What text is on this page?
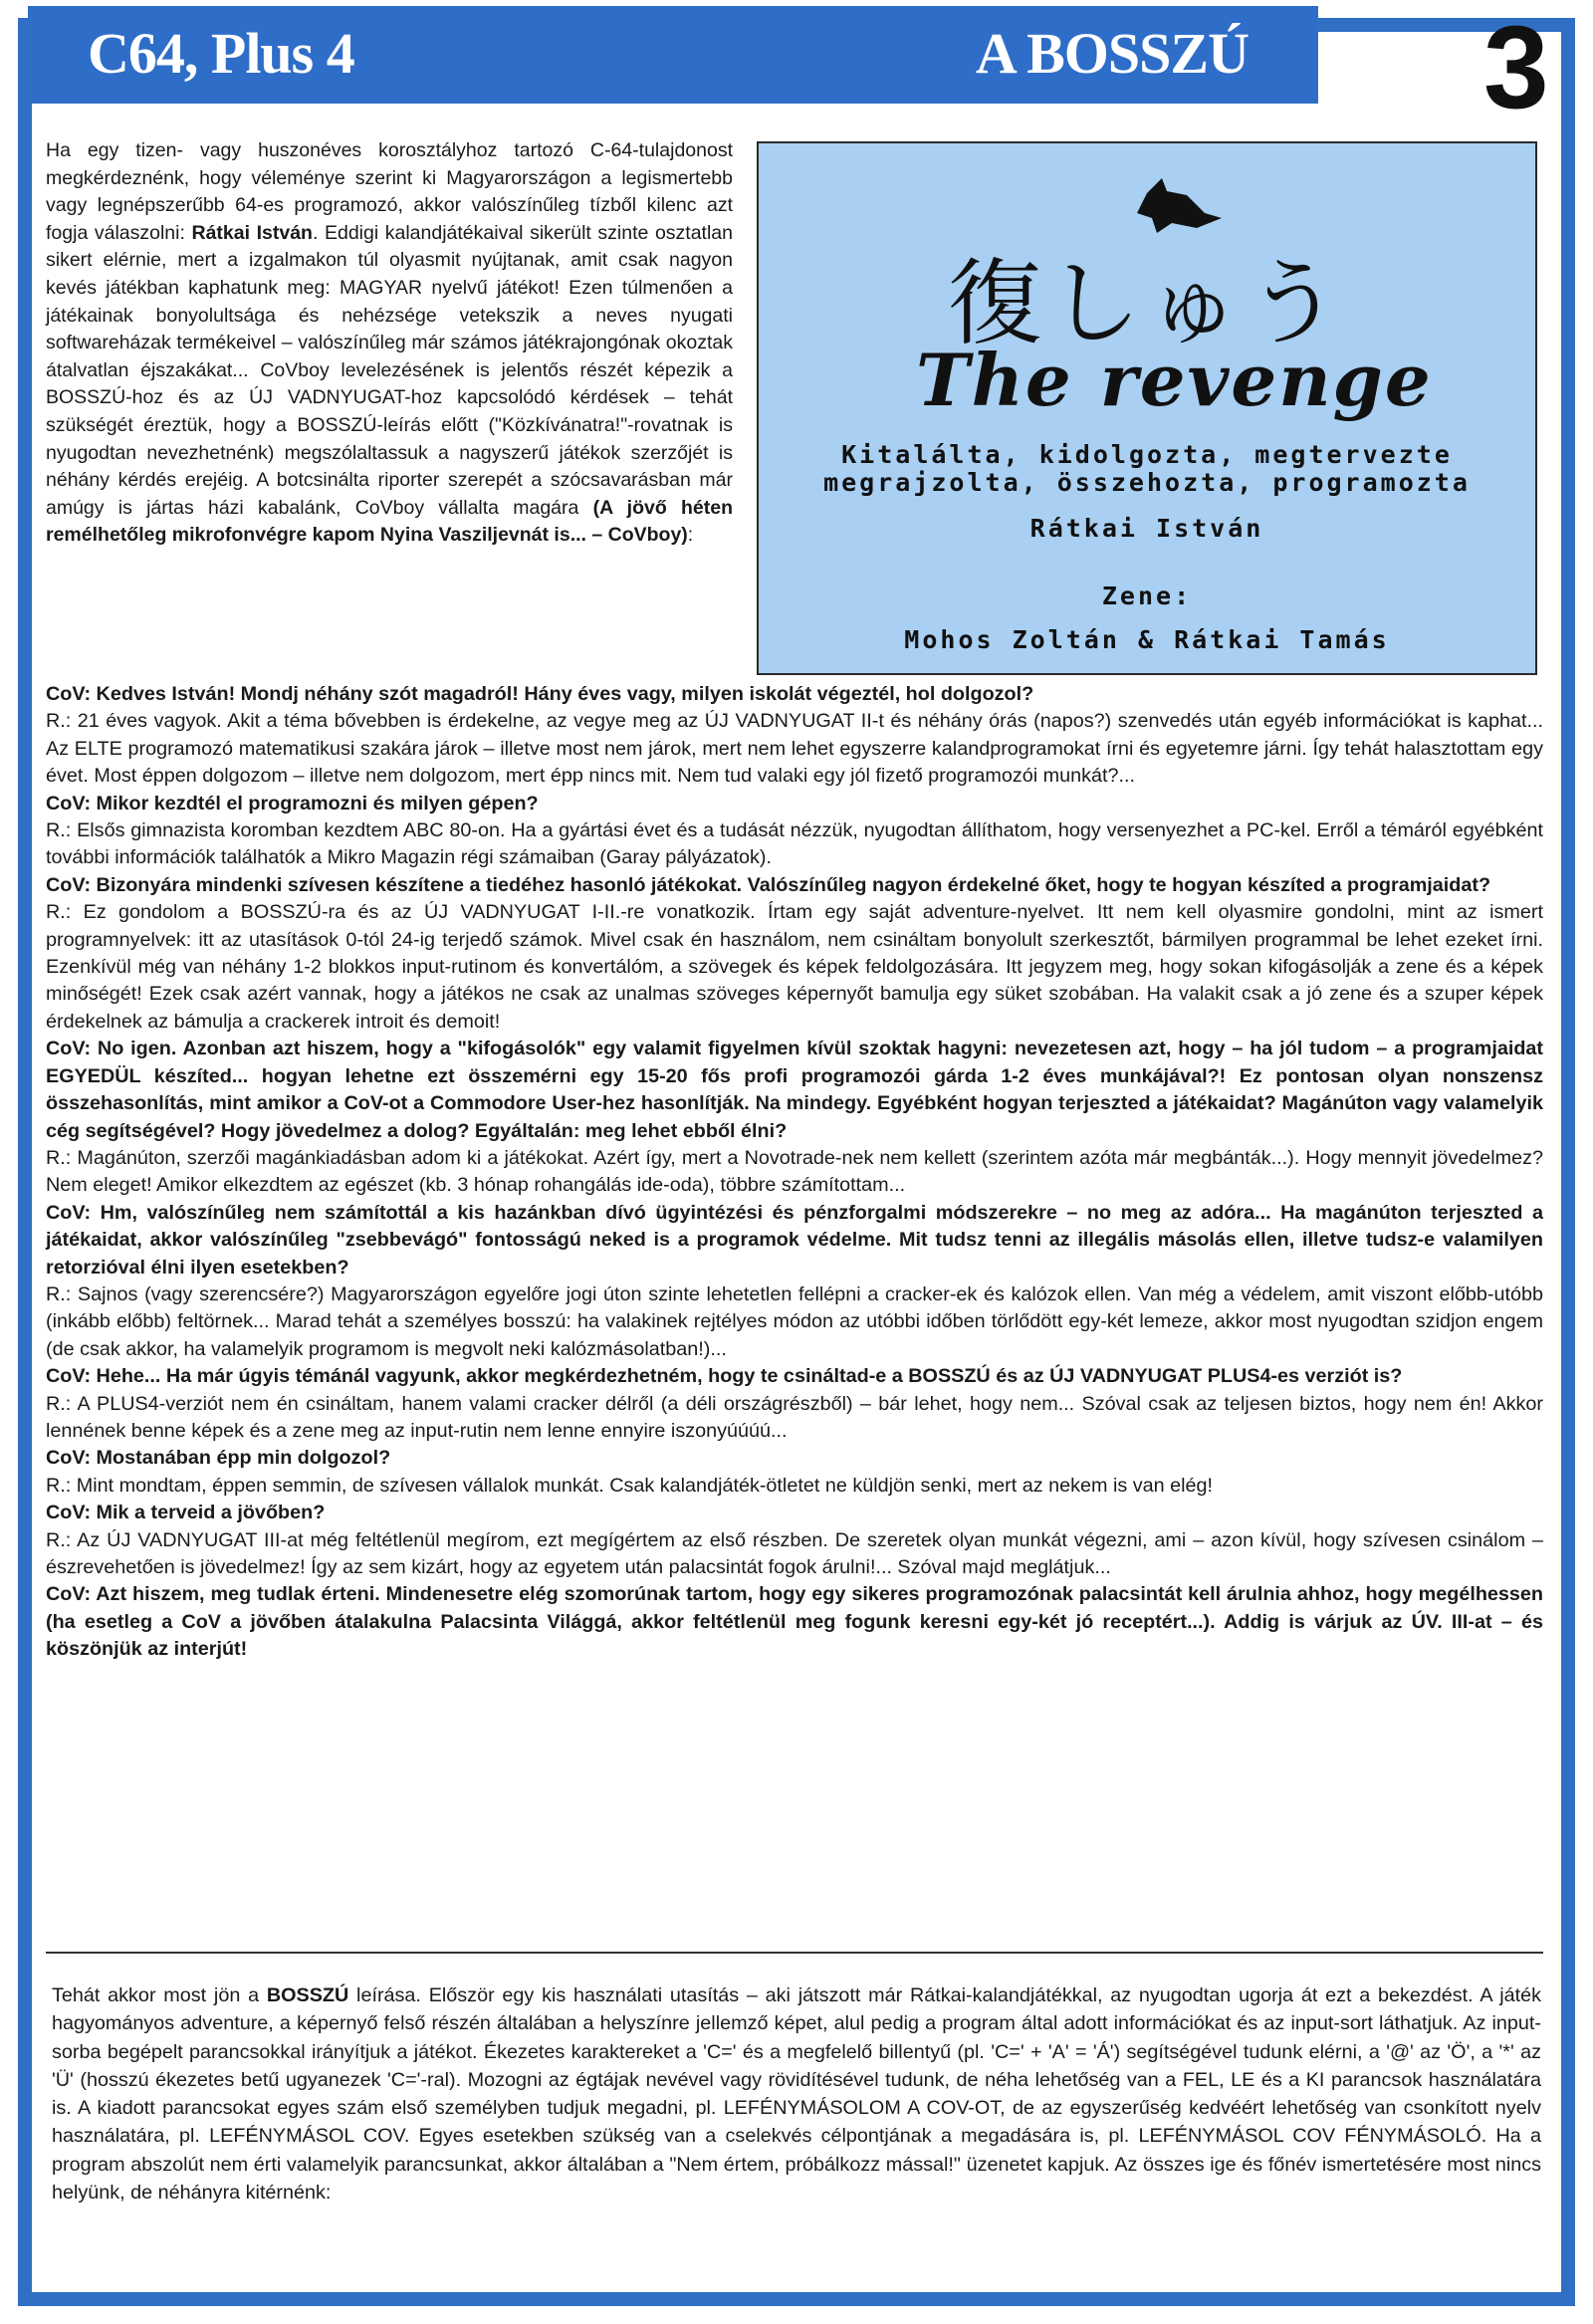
C64, Plus 4	A BOSSZÚ 3
Ha egy tizen- vagy huszonéves korosztályhoz tartozó C-64-tulajdonost megkérdeznénk, hogy véleménye szerint ki Magyarországon a legismertebb vagy legnépszerűbb 64-es programozó, akkor valószínűleg tízből kilenc azt fogja válaszolni: Rátkai István. Eddigi kalandjátékaival sikerült szinte osztatlan sikert elérnie, mert a izgalmakon túl olyasmit nyújtanak, amit csak nagyon kevés játékban kaphatunk meg: MAGYAR nyelvű játékot! Ezen túlmenően a játékainak bonyolultsága és nehézsége vetekszik a neves nyugati softwareházak termékeivel – valószínűleg már számos játékrajongónak okoztak átalvatlan éjszakákat... CoVboy levelezésének is jelentős részét képezik a BOSSZÚ-hoz és az ÚJ VADNYUGAT-hoz kapcsolódó kérdések – tehát szükségét éreztük, hogy a BOSSZÚ-leírás előtt ("Közkívánatra!"-rovatnak is nyugodtan nevezhetnénk) megszólaltassuk a nagyszerű játékok szerzőjét is néhány kérdés erejéig. A botcsinálta riporter szerepét a szócsavarásban már amúgy is jártas házi kabalánk, CoVboy vállalta magára (A jövő héten remélhetőleg mikrofonvégre kapom Nyina Vasziljevnát is... – CoVboy):
復しゅう
The revenge
Kitalálta, kidolgozta, megtervezte
megrajzolta, összehozta, programozta
Rátkai István
Zene:
Mohos Zoltán & Rátkai Tamás

CoV: Kedves István! Mondj néhány szót magadról! Hány éves vagy, milyen iskolát végeztél, hol dolgozol?

R.: 21 éves vagyok. Akit a téma bővebben is érdekelne, az vegye meg az ÚJ VADNYUGAT II-t és néhány órás (napos?) szenvedés után egyéb információkat is kaphat... Az ELTE programozó matematikusi szakára járok – illetve most nem járok, mert nem lehet egyszerre kalandprogramokat írni és egyetemre járni. Így tehát halasztottam egy évet. Most éppen dolgozom – illetve nem dolgozom, mert épp nincs mit. Nem tud valaki egy jól fizető programozói munkát?...

CoV: Mikor kezdtél el programozni és milyen gépen?

R.: Elsős gimnazista koromban kezdtem ABC 80-on. Ha a gyártási évet és a tudását nézzük, nyugodtan állíthatom, hogy versenyezhet a PC-kel. Erről a témáról egyébként további információk találhatók a Mikro Magazin régi számaiban (Garay pályázatok).

CoV: Bizonyára mindenki szívesen készítene a tiedéhez hasonló játékokat. Valószínűleg nagyon érdekelné őket, hogy te hogyan készíted a programjaidat?

R.: Ez gondolom a BOSSZÚ-ra és az ÚJ VADNYUGAT I-II.-re vonatkozik. Írtam egy saját adventure-nyelvet. Itt nem kell olyasmire gondolni, mint az ismert programnyelvek: itt az utasítások 0-tól 24-ig terjedő számok. Mivel csak én használom, nem csináltam bonyolult szerkesztőt, bármilyen programmal be lehet ezeket írni. Ezenkívül még van néhány 1-2 blokkos input-rutinom és konvertálóm, a szövegek és képek feldolgozására. Itt jegyzem meg, hogy sokan kifogásolják a zene és a képek minőségét! Ezek csak azért vannak, hogy a játékos ne csak az unalmas szöveges képernyőt bamulja egy süket szobában. Ha valakit csak a jó zene és a szuper képek érdekelnek az bámulja a crackerek introit és demoit!

CoV: No igen. Azonban azt hiszem, hogy a "kifogásolók" egy valamit figyelmen kívül szoktak hagyni: nevezetesen azt, hogy – ha jól tudom – a programjaidat EGYEDÜL készíted... hogyan lehetne ezt összemérni egy 15-20 fős profi programozói gárda 1-2 éves munkájával?! Ez pontosan olyan nonszensz összehasonlítás, mint amikor a CoV-ot a Commodore User-hez hasonlítják. Na mindegy. Egyébként hogyan terjeszted a játékaidat? Magánúton vagy valamelyik cég segítségével? Hogy jövedelmez a dolog? Egyáltalán: meg lehet ebből élni?

R.: Magánúton, szerzői magánkiadásban adom ki a játékokat. Azért így, mert a Novotrade-nek nem kellett (szerintem azóta már megbánták...). Hogy mennyit jövedelmez? Nem eleget! Amikor elkezdtem az egészet (kb. 3 hónap rohangálás ide-oda), többre számítottam...

CoV: Hm, valószínűleg nem számítottál a kis hazánkban dívó ügyintézési és pénzforgalmi módszerekre – no meg az adóra... Ha magánúton terjeszted a játékaidat, akkor valószínűleg "zsebbevágó" fontosságú neked is a programok védelme. Mit tudsz tenni az illegális másolás ellen, illetve tudsz-e valamilyen retorzióval élni ilyen esetekben?

R.: Sajnos (vagy szerencsére?) Magyarországon egyelőre jogi úton szinte lehetetlen fellépni a cracker-ek és kalózok ellen. Van még a védelem, amit viszont előbb-utóbb (inkább előbb) feltörnek... Marad tehát a személyes bosszú: ha valakinek rejtélyes módon az utóbbi időben törlődött egy-két lemeze, akkor most nyugodtan szidjon engem (de csak akkor, ha valamelyik programom is megvolt neki kalózmásolatban!)...

CoV: Hehe... Ha már úgyis témánál vagyunk, akkor megkérdezhetném, hogy te csináltad-e a BOSSZÚ és az ÚJ VADNYUGAT PLUS4-es verziót is?

R.: A PLUS4-verziót nem én csináltam, hanem valami cracker délről (a déli országrészből) – bár lehet, hogy nem... Szóval csak az teljesen biztos, hogy nem én! Akkor lennének benne képek és a zene meg az input-rutin nem lenne ennyire iszonyúúúú...

CoV: Mostanában épp min dolgozol?

R.: Mint mondtam, éppen semmin, de szívesen vállalok munkát. Csak kalandjáték-ötletet ne küldjön senki, mert az nekem is van elég!

CoV: Mik a terveid a jövőben?

R.: Az ÚJ VADNYUGAT III-at még feltétlenül megírom, ezt megígértem az első részben. De szeretek olyan munkát végezni, ami – azon kívül, hogy szívesen csinálom – észrevehetően is jövedelmez! Így az sem kizárt, hogy az egyetem után palacsintát fogok árulni!... Szóval majd meglátjuk...

CoV: Azt hiszem, meg tudlak érteni. Mindenesetre elég szomorúnak tartom, hogy egy sikeres programozónak palacsintát kell árulnia ahhoz, hogy megélhessen (ha esetleg a CoV a jövőben átalakulna Palacsinta Világgá, akkor feltétlenül meg fogunk keresni egy-két jó receptért...). Addig is várjuk az ÚV. III-at – és köszönjük az interjút!

Tehát akkor most jön a BOSSZÚ leírása. Először egy kis használati utasítás – aki játszott már Rátkai-kalandjátékkal, az nyugodtan ugorja át ezt a bekezdést. A játék hagyományos adventure, a képernyő felső részén általában a helyszínre jellemző képet, alul pedig a program által adott információkat és az input-sort láthatjuk. Az input-sorba begépelt parancsokkal irányítjuk a játékot. Ékezetes karaktereket a 'C=' és a megfelelő billentyű (pl. 'C=' + 'A' = 'Á') segítségével tudunk elérni, a '@' az 'Ö', a '*' az 'Ü' (hosszú ékezetes betű ugyanezek 'C='-ral). Mozogni az égtájak nevével vagy rövidítésével tudunk, de néha lehetőség van a FEL, LE és a KI parancsok használatára is. A kiadott parancsokat egyes szám első személyben tudjuk megadni, pl. LEFÉNYMÁSOLOM A COV-OT, de az egyszerűség kedvéért lehetőség van csonkított nyelv használatára, pl. LEFÉNYMÁSOL COV. Egyes esetekben szükség van a cselekvés célpontjának a megadására is, pl. LEFÉNYMÁSOL COV FÉNYMÁSOLÓ. Ha a program abszolút nem érti valamelyik parancsunkat, akkor általában a "Nem értem, próbálkozz mással!" üzenetet kapjuk. Az összes ige és főnév ismertetésére most nincs helyünk, de néhányra kitérnénk:
